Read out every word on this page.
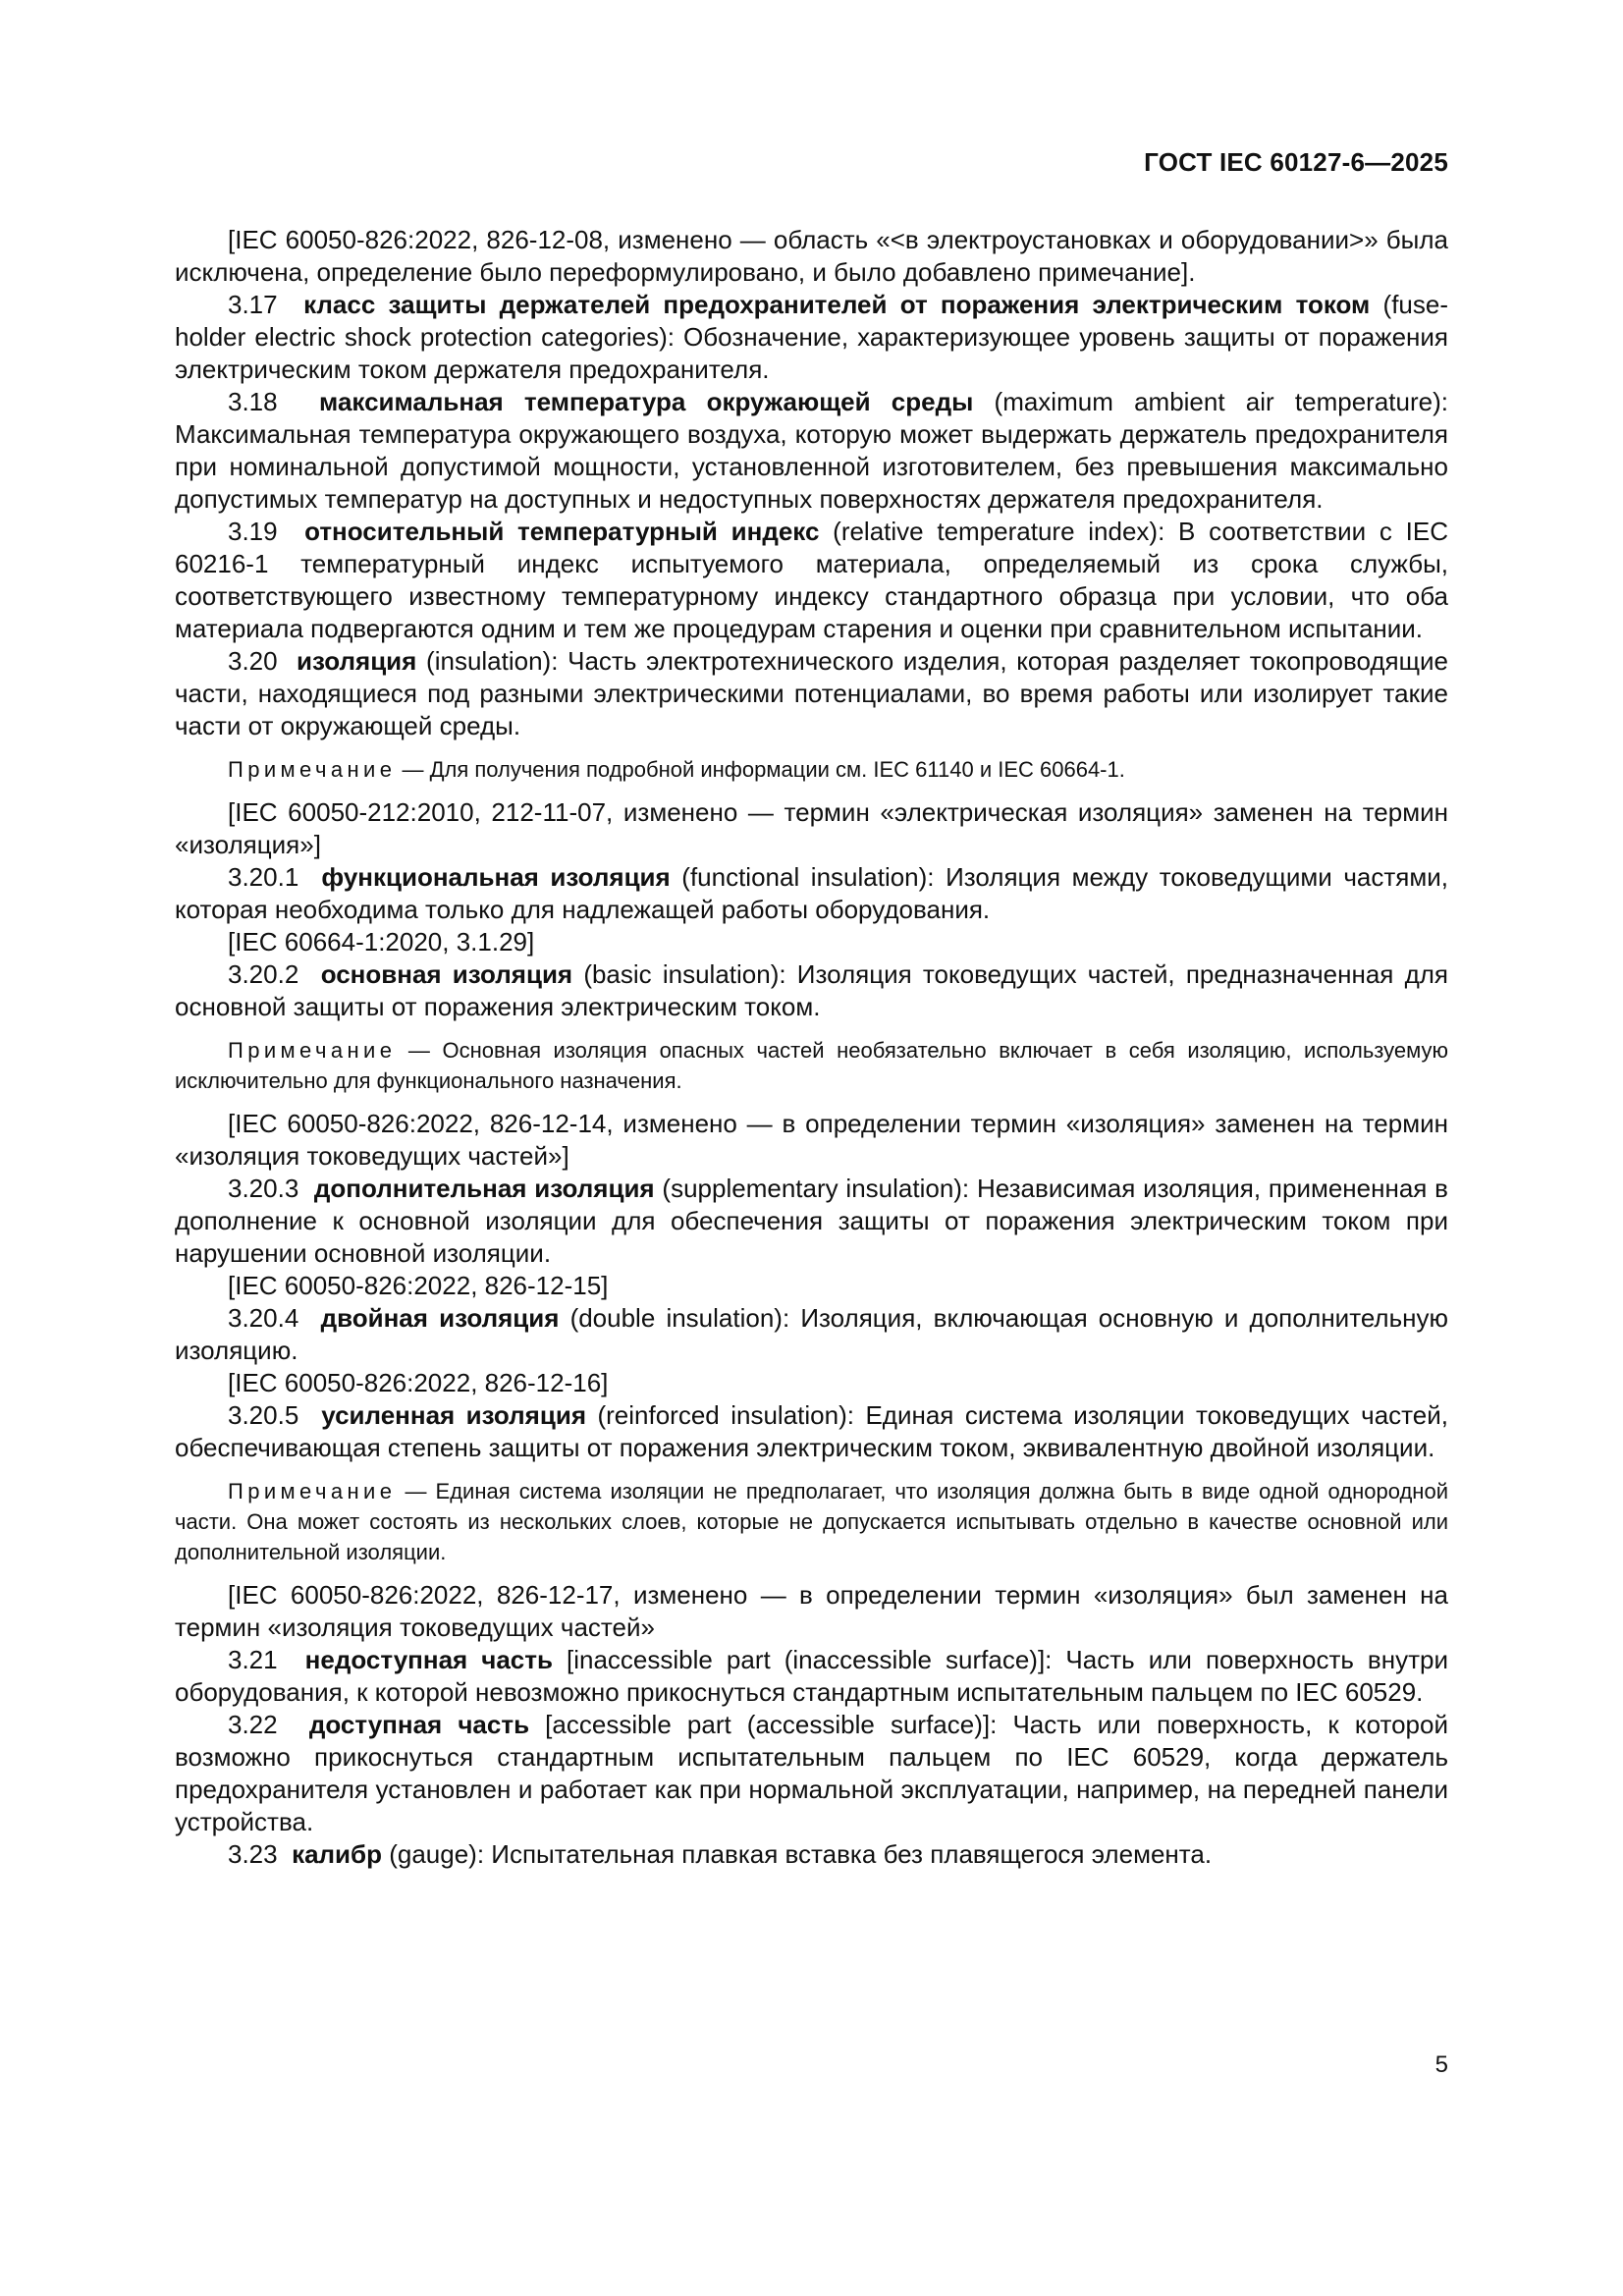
ГОСТ IEC 60127-6—2025

[IEC 60050-826:2022, 826-12-08, изменено — область «<в электроустановках и оборудовании>» была исключена, определение было переформулировано, и было добавлено примечание].

3.17 класс защиты держателей предохранителей от поражения электрическим током (fuse-holder electric shock protection categories): Обозначение, характеризующее уровень защиты от поражения электрическим током держателя предохранителя.

3.18 максимальная температура окружающей среды (maximum ambient air temperature): Максимальная температура окружающего воздуха, которую может выдержать держатель предохранителя при номинальной допустимой мощности, установленной изготовителем, без превышения максимально допустимых температур на доступных и недоступных поверхностях держателя предохранителя.

3.19 относительный температурный индекс (relative temperature index): В соответствии с IEC 60216-1 температурный индекс испытуемого материала, определяемый из срока службы, соответствующего известному температурному индексу стандартного образца при условии, что оба материала подвергаются одним и тем же процедурам старения и оценки при сравнительном испытании.

3.20 изоляция (insulation): Часть электротехнического изделия, которая разделяет токопроводящие части, находящиеся под разными электрическими потенциалами, во время работы или изолирует такие части от окружающей среды.

Примечание — Для получения подробной информации см. IEC 61140 и IEC 60664-1.

[IEC 60050-212:2010, 212-11-07, изменено — термин «электрическая изоляция» заменен на термин «изоляция»]

3.20.1 функциональная изоляция (functional insulation): Изоляция между токоведущими частями, которая необходима только для надлежащей работы оборудования.

[IEC 60664-1:2020, 3.1.29]

3.20.2 основная изоляция (basic insulation): Изоляция токоведущих частей, предназначенная для основной защиты от поражения электрическим током.

Примечание — Основная изоляция опасных частей необязательно включает в себя изоляцию, используемую исключительно для функционального назначения.

[IEC 60050-826:2022, 826-12-14, изменено — в определении термин «изоляция» заменен на термин «изоляция токоведущих частей»]

3.20.3 дополнительная изоляция (supplementary insulation): Независимая изоляция, примененная в дополнение к основной изоляции для обеспечения защиты от поражения электрическим током при нарушении основной изоляции.

[IEC 60050-826:2022, 826-12-15]

3.20.4 двойная изоляция (double insulation): Изоляция, включающая основную и дополнительную изоляцию.

[IEC 60050-826:2022, 826-12-16]

3.20.5 усиленная изоляция (reinforced insulation): Единая система изоляции токоведущих частей, обеспечивающая степень защиты от поражения электрическим током, эквивалентную двойной изоляции.

Примечание — Единая система изоляции не предполагает, что изоляция должна быть в виде одной однородной части. Она может состоять из нескольких слоев, которые не допускается испытывать отдельно в качестве основной или дополнительной изоляции.

[IEC 60050-826:2022, 826-12-17, изменено — в определении термин «изоляция» был заменен на термин «изоляция токоведущих частей»

3.21 недоступная часть [inaccessible part (inaccessible surface)]: Часть или поверхность внутри оборудования, к которой невозможно прикоснуться стандартным испытательным пальцем по IEC 60529.

3.22 доступная часть [accessible part (accessible surface)]: Часть или поверхность, к которой возможно прикоснуться стандартным испытательным пальцем по IEC 60529, когда держатель предохранителя установлен и работает как при нормальной эксплуатации, например, на передней панели устройства.

3.23 калибр (gauge): Испытательная плавкая вставка без плавящегося элемента.

5
